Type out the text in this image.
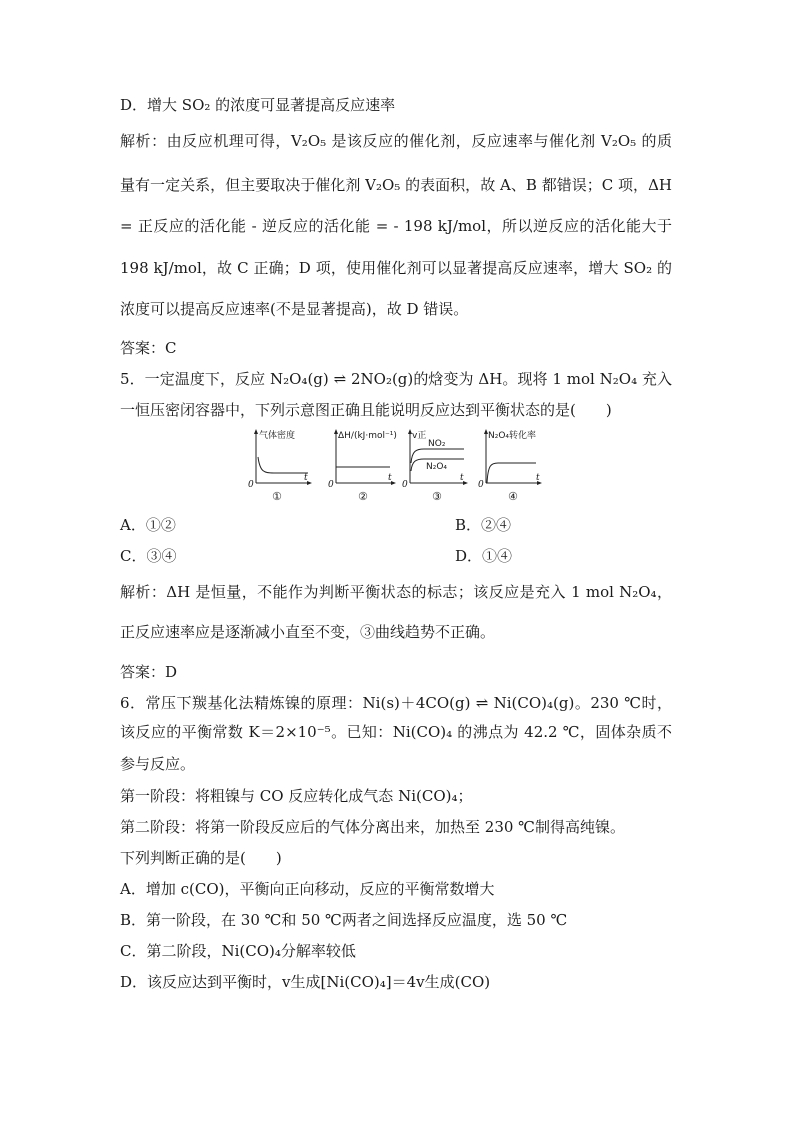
D．增大 SO₂ 的浓度可显著提高反应速率
解析：由反应机理可得，V₂O₅ 是该反应的催化剂，反应速率与催化剂 V₂O₅ 的质
量有一定关系，但主要取决于催化剂 V₂O₅ 的表面积，故 A、B 都错误；C 项，ΔH
= 正反应的活化能 - 逆反应的活化能 = - 198 kJ/mol，所以逆反应的活化能大于
198 kJ/mol，故 C 正确；D 项，使用催化剂可以显著提高反应速率，增大 SO₂ 的
浓度可以提高反应速率(不是显著提高)，故 D 错误。
答案：C
5．一定温度下，反应 N₂O₄(g) ⇌ 2NO₂(g)的焓变为 ΔH。现将 1 mol N₂O₄ 充入
一恒压密闭容器中，下列示意图正确且能说明反应达到平衡状态的是(　　)
气体密度
0
t
①
ΔH/(kJ·mol⁻¹)
0
t
②
v正
NO₂
N₂O₄
0
t
③
N₂O₄转化率
0
t
④
A．①②	B．②④
C．③④	D．①④
解析：ΔH 是恒量，不能作为判断平衡状态的标志；该反应是充入 1 mol N₂O₄，
正反应速率应是逐渐减小直至不变，③曲线趋势不正确。
答案：D
6．常压下羰基化法精炼镍的原理：Ni(s)＋4CO(g) ⇌ Ni(CO)₄(g)。230 ℃时，
该反应的平衡常数 K＝2×10⁻⁵。已知：Ni(CO)₄ 的沸点为 42.2 ℃，固体杂质不
参与反应。
第一阶段：将粗镍与 CO 反应转化成气态 Ni(CO)₄；
第二阶段：将第一阶段反应后的气体分离出来，加热至 230 ℃制得高纯镍。
下列判断正确的是(　　)
A．增加 c(CO)，平衡向正向移动，反应的平衡常数增大
B．第一阶段，在 30 ℃和 50 ℃两者之间选择反应温度，选 50 ℃
C．第二阶段，Ni(CO)₄分解率较低
D．该反应达到平衡时，v生成[Ni(CO)₄]＝4v生成(CO)
